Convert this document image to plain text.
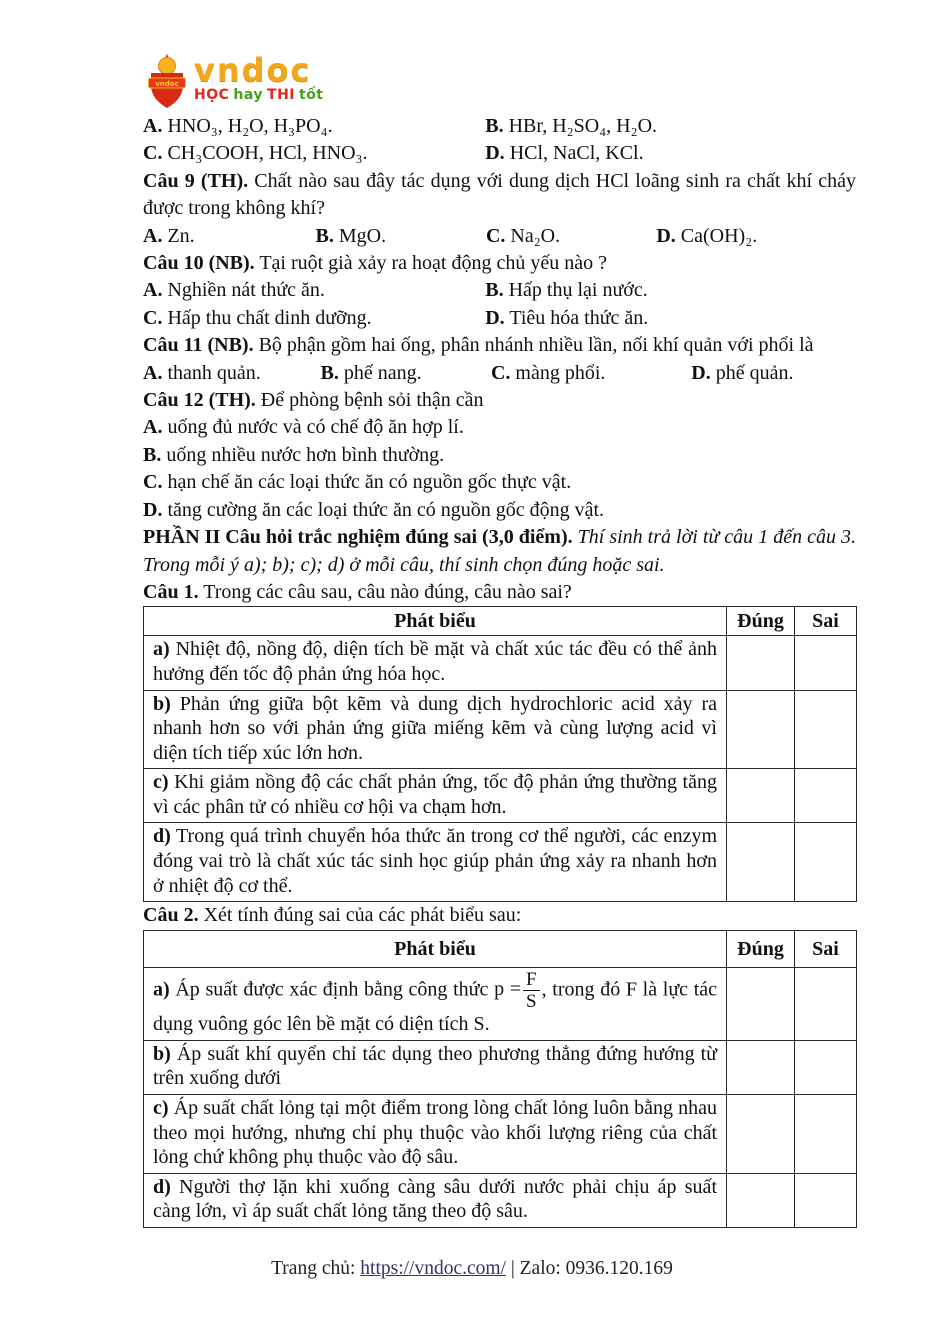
vndoc vndoc
HỌC hay THI tốt
A. HNO₃, H₂O, H₃PO₄.	B. HBr, H₂SO₄, H₂O.
C. CH₃COOH, HCl, HNO₃.	D. HCl, NaCl, KCl.

Câu 9 (TH). Chất nào sau đây tác dụng với dung dịch HCl loãng sinh ra chất khí cháy được trong không khí?

A. Zn.	B. MgO.	C. Na₂O.	D. Ca(OH)₂.

Câu 10 (NB). Tại ruột già xảy ra hoạt động chủ yếu nào ?

A. Nghiền nát thức ăn.	B. Hấp thụ lại nước.
C. Hấp thu chất dinh dưỡng.	D. Tiêu hóa thức ăn.

Câu 11 (NB). Bộ phận gồm hai ống, phân nhánh nhiều lần, nối khí quản với phổi là

A. thanh quản.	B. phế nang.	C. màng phổi.	D. phế quản.

Câu 12 (TH). Để phòng bệnh sỏi thận cần

A. uống đủ nước và có chế độ ăn hợp lí.

B. uống nhiều nước hơn bình thường.

C. hạn chế ăn các loại thức ăn có nguồn gốc thực vật.

D. tăng cường ăn các loại thức ăn có nguồn gốc động vật.

PHẦN II Câu hỏi trắc nghiệm đúng sai (3,0 điểm). Thí sinh trả lời từ câu 1 đến câu 3. Trong mỗi ý a); b); c); d) ở mỗi câu, thí sinh chọn đúng hoặc sai.

Câu 1. Trong các câu sau, câu nào đúng, câu nào sai?

Phát biểu	Đúng	Sai
a) Nhiệt độ, nồng độ, diện tích bề mặt và chất xúc tác đều có thể ảnh hưởng đến tốc độ phản ứng hóa học.		
b) Phản ứng giữa bột kẽm và dung dịch hydrochloric acid xảy ra nhanh hơn so với phản ứng giữa miếng kẽm và cùng lượng acid vì diện tích tiếp xúc lớn hơn.		
c) Khi giảm nồng độ các chất phản ứng, tốc độ phản ứng thường tăng vì các phân tử có nhiều cơ hội va chạm hơn.		
d) Trong quá trình chuyển hóa thức ăn trong cơ thể người, các enzym đóng vai trò là chất xúc tác sinh học giúp phản ứng xảy ra nhanh hơn ở nhiệt độ cơ thể.		

Câu 2. Xét tính đúng sai của các phát biểu sau:

Phát biểu	Đúng	Sai
a) Áp suất được xác định bằng công thức $p = \frac{F}{S}$ , trong đó F là lực tác dụng vuông góc lên bề mặt có diện tích S.		
b) Áp suất khí quyển chỉ tác dụng theo phương thẳng đứng hướng từ trên xuống dưới		
c) Áp suất chất lỏng tại một điểm trong lòng chất lỏng luôn bằng nhau theo mọi hướng, nhưng chỉ phụ thuộc vào khối lượng riêng của chất lỏng chứ không phụ thuộc vào độ sâu.		
d) Người thợ lặn khi xuống càng sâu dưới nước phải chịu áp suất càng lớn, vì áp suất chất lỏng tăng theo độ sâu.		
Trang chủ: https://vndoc.com/ | Zalo: 0936.120.169
